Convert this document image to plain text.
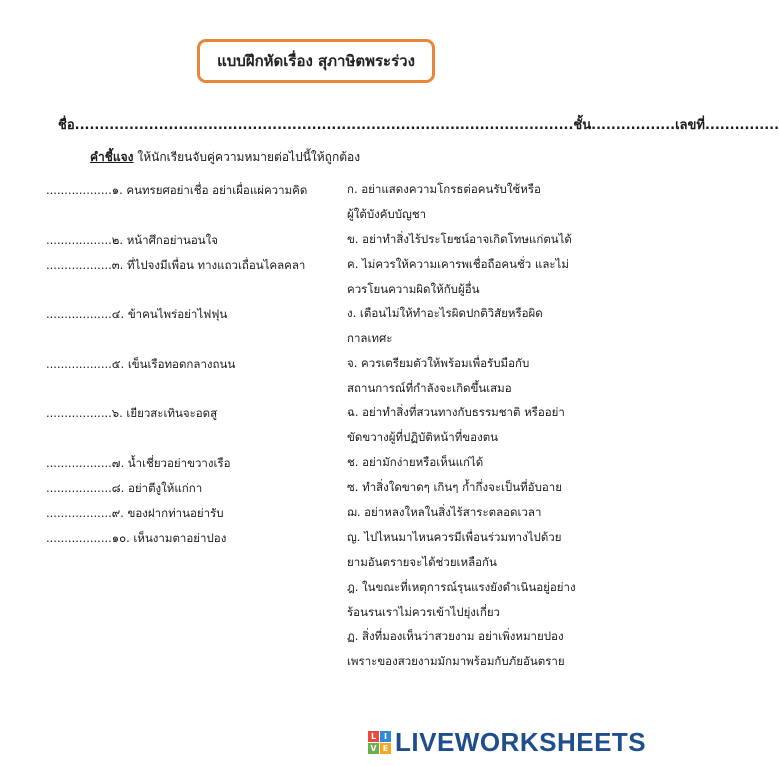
แบบฝึกหัดเรื่อง สุภาษิตพระร่วง
ชื่อ.....................................................................................................ชั้น.................เลขที่...............
คำชี้แจง ให้นักเรียนจับคู่ความหมายต่อไปนี้ให้ถูกต้อง
..................๑. คนทรยศอย่าเชื่อ อย่าเผื่อแผ่ความคิด
..................๒. หน้าศึกอย่านอนใจ
..................๓. ที่ไปจงมีเพื่อน ทางแถวเถื่อนไคลคลา
..................๔. ข้าคนไพร่อย่าไฟฟุน
..................๕. เข็นเรือทอดกลางถนน
..................๖. เยียวสะเทินจะอดสู
..................๗. น้ำเชี่ยวอย่าขวางเรือ
..................๘. อย่าตีงูให้แก่กา
..................๙. ของฝากท่านอย่ารับ
..................๑๐. เห็นงามตาอย่าปอง
ก. อย่าแสดงความโกรธต่อคนรับใช้หรือ
ผู้ใต้บังคับบัญชา
ข. อย่าทำสิ่งไร้ประโยชน์อาจเกิดโทษแก่ตนได้
ค. ไม่ควรให้ความเคารพเชื่อถือคนชั่ว และไม่
ควรโยนความผิดให้กับผู้อื่น
ง. เตือนไม่ให้ทำอะไรผิดปกติวิสัยหรือผิด
กาลเทศะ
จ. ควรเตรียมตัวให้พร้อมเพื่อรับมือกับ
สถานการณ์ที่กำลังจะเกิดขึ้นเสมอ
ฉ. อย่าทำสิ่งที่สวนทางกับธรรมชาติ หรืออย่า
ขัดขวางผู้ที่ปฏิบัติหน้าที่ของตน
ช. อย่ามักง่ายหรือเห็นแก่ได้
ซ. ทำสิ่งใดขาดๆ เกินๆ ก้ำกึ่งจะเป็นที่อับอาย
ฌ. อย่าหลงใหลในสิ่งไร้สาระตลอดเวลา
ญ. ไปไหนมาไหนควรมีเพื่อนร่วมทางไปด้วย
ยามอันตรายจะได้ช่วยเหลือกัน
ฎ. ในขณะที่เหตุการณ์รุนแรงยังดำเนินอยู่อย่าง
ร้อนรนเราไม่ควรเข้าไปยุ่งเกี่ยว
ฏ. สิ่งที่มองเห็นว่าสวยงาม อย่าเพิ่งหมายปอง
เพราะของสวยงามมักมาพร้อมกับภัยอันตราย
L I
V E LIVEWORKSHEETS
